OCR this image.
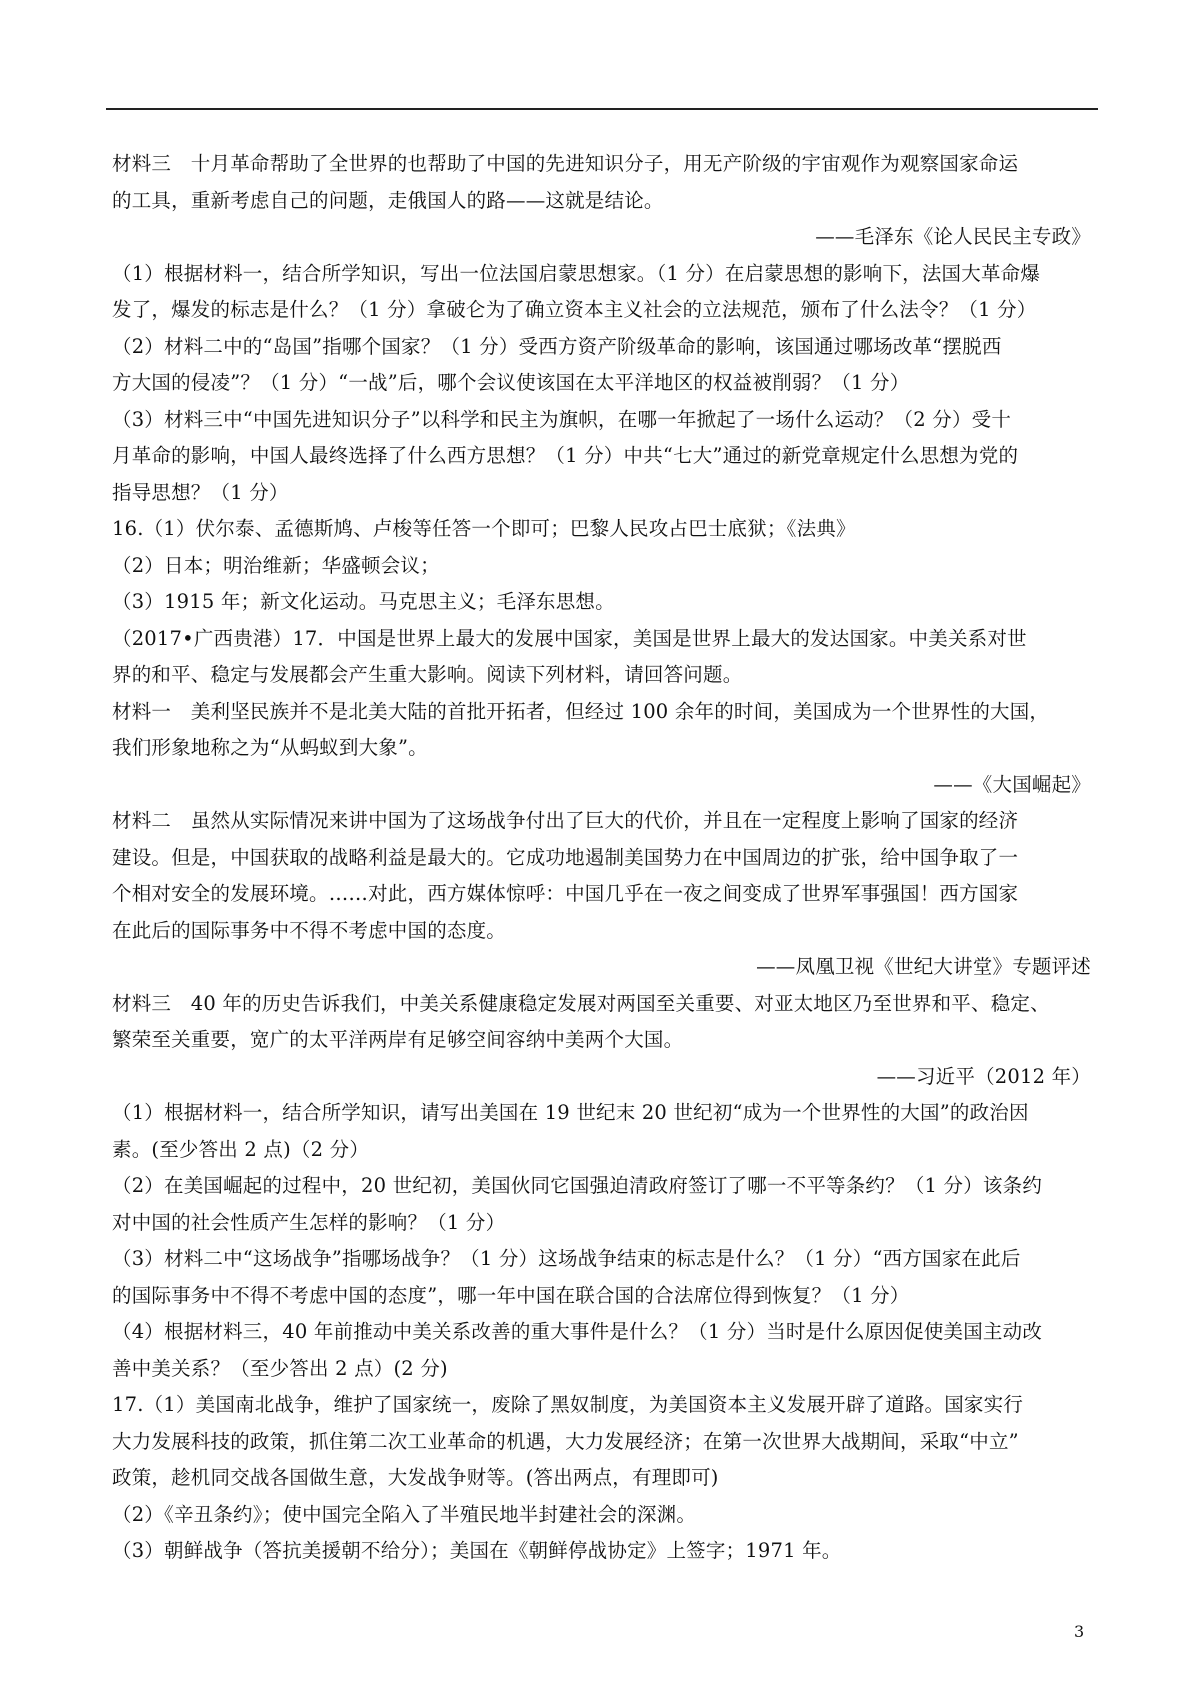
材料三　十月革命帮助了全世界的也帮助了中国的先进知识分子，用无产阶级的宇宙观作为观察国家命运
的工具，重新考虑自己的问题，走俄国人的路——这就是结论。
——毛泽东《论人民民主专政》
（1）根据材料一，结合所学知识，写出一位法国启蒙思想家。（1 分）在启蒙思想的影响下，法国大革命爆
发了，爆发的标志是什么？（1 分）拿破仑为了确立资本主义社会的立法规范，颁布了什么法令？（1 分）
（2）材料二中的“岛国”指哪个国家？（1 分）受西方资产阶级革命的影响，该国通过哪场改革“摆脱西
方大国的侵凌”？（1 分）“一战”后，哪个会议使该国在太平洋地区的权益被削弱？（1 分）
（3）材料三中“中国先进知识分子”以科学和民主为旗帜，在哪一年掀起了一场什么运动？（2 分）受十
月革命的影响，中国人最终选择了什么西方思想？（1 分）中共“七大”通过的新党章规定什么思想为党的
指导思想？（1 分）
16.（1）伏尔泰、孟德斯鸠、卢梭等任答一个即可；巴黎人民攻占巴士底狱；《法典》
（2）日本；明治维新；华盛顿会议；
（3）1915 年；新文化运动。马克思主义；毛泽东思想。
（2017•广西贵港）17．中国是世界上最大的发展中国家，美国是世界上最大的发达国家。中美关系对世
界的和平、稳定与发展都会产生重大影响。阅读下列材料，请回答问题。
材料一　美利坚民族并不是北美大陆的首批开拓者，但经过 100 余年的时间，美国成为一个世界性的大国，
我们形象地称之为“从蚂蚁到大象”。
——《大国崛起》
材料二　虽然从实际情况来讲中国为了这场战争付出了巨大的代价，并且在一定程度上影响了国家的经济
建设。但是，中国获取的战略利益是最大的。它成功地遏制美国势力在中国周边的扩张，给中国争取了一
个相对安全的发展环境。……对此，西方媒体惊呼：中国几乎在一夜之间变成了世界军事强国！西方国家
在此后的国际事务中不得不考虑中国的态度。
——凤凰卫视《世纪大讲堂》专题评述
材料三　40 年的历史告诉我们，中美关系健康稳定发展对两国至关重要、对亚太地区乃至世界和平、稳定、
繁荣至关重要，宽广的太平洋两岸有足够空间容纳中美两个大国。
——习近平（2012 年）
（1）根据材料一，结合所学知识，请写出美国在 19 世纪末 20 世纪初“成为一个世界性的大国”的政治因
素。(至少答出 2 点)（2 分）
（2）在美国崛起的过程中，20 世纪初，美国伙同它国强迫清政府签订了哪一不平等条约？（1 分）该条约
对中国的社会性质产生怎样的影响？（1 分）
（3）材料二中“这场战争”指哪场战争？（1 分）这场战争结束的标志是什么？（1 分）“西方国家在此后
的国际事务中不得不考虑中国的态度”，哪一年中国在联合国的合法席位得到恢复？（1 分）
（4）根据材料三，40 年前推动中美关系改善的重大事件是什么？（1 分）当时是什么原因促使美国主动改
善中美关系？（至少答出 2 点）(2 分)
17.（1）美国南北战争，维护了国家统一，废除了黑奴制度，为美国资本主义发展开辟了道路。国家实行
大力发展科技的政策，抓住第二次工业革命的机遇，大力发展经济；在第一次世界大战期间，采取“中立”
政策，趁机同交战各国做生意，大发战争财等。(答出两点，有理即可)
（2）《辛丑条约》；使中国完全陷入了半殖民地半封建社会的深渊。
（3）朝鲜战争（答抗美援朝不给分）；美国在《朝鲜停战协定》上签字；1971 年。
3
